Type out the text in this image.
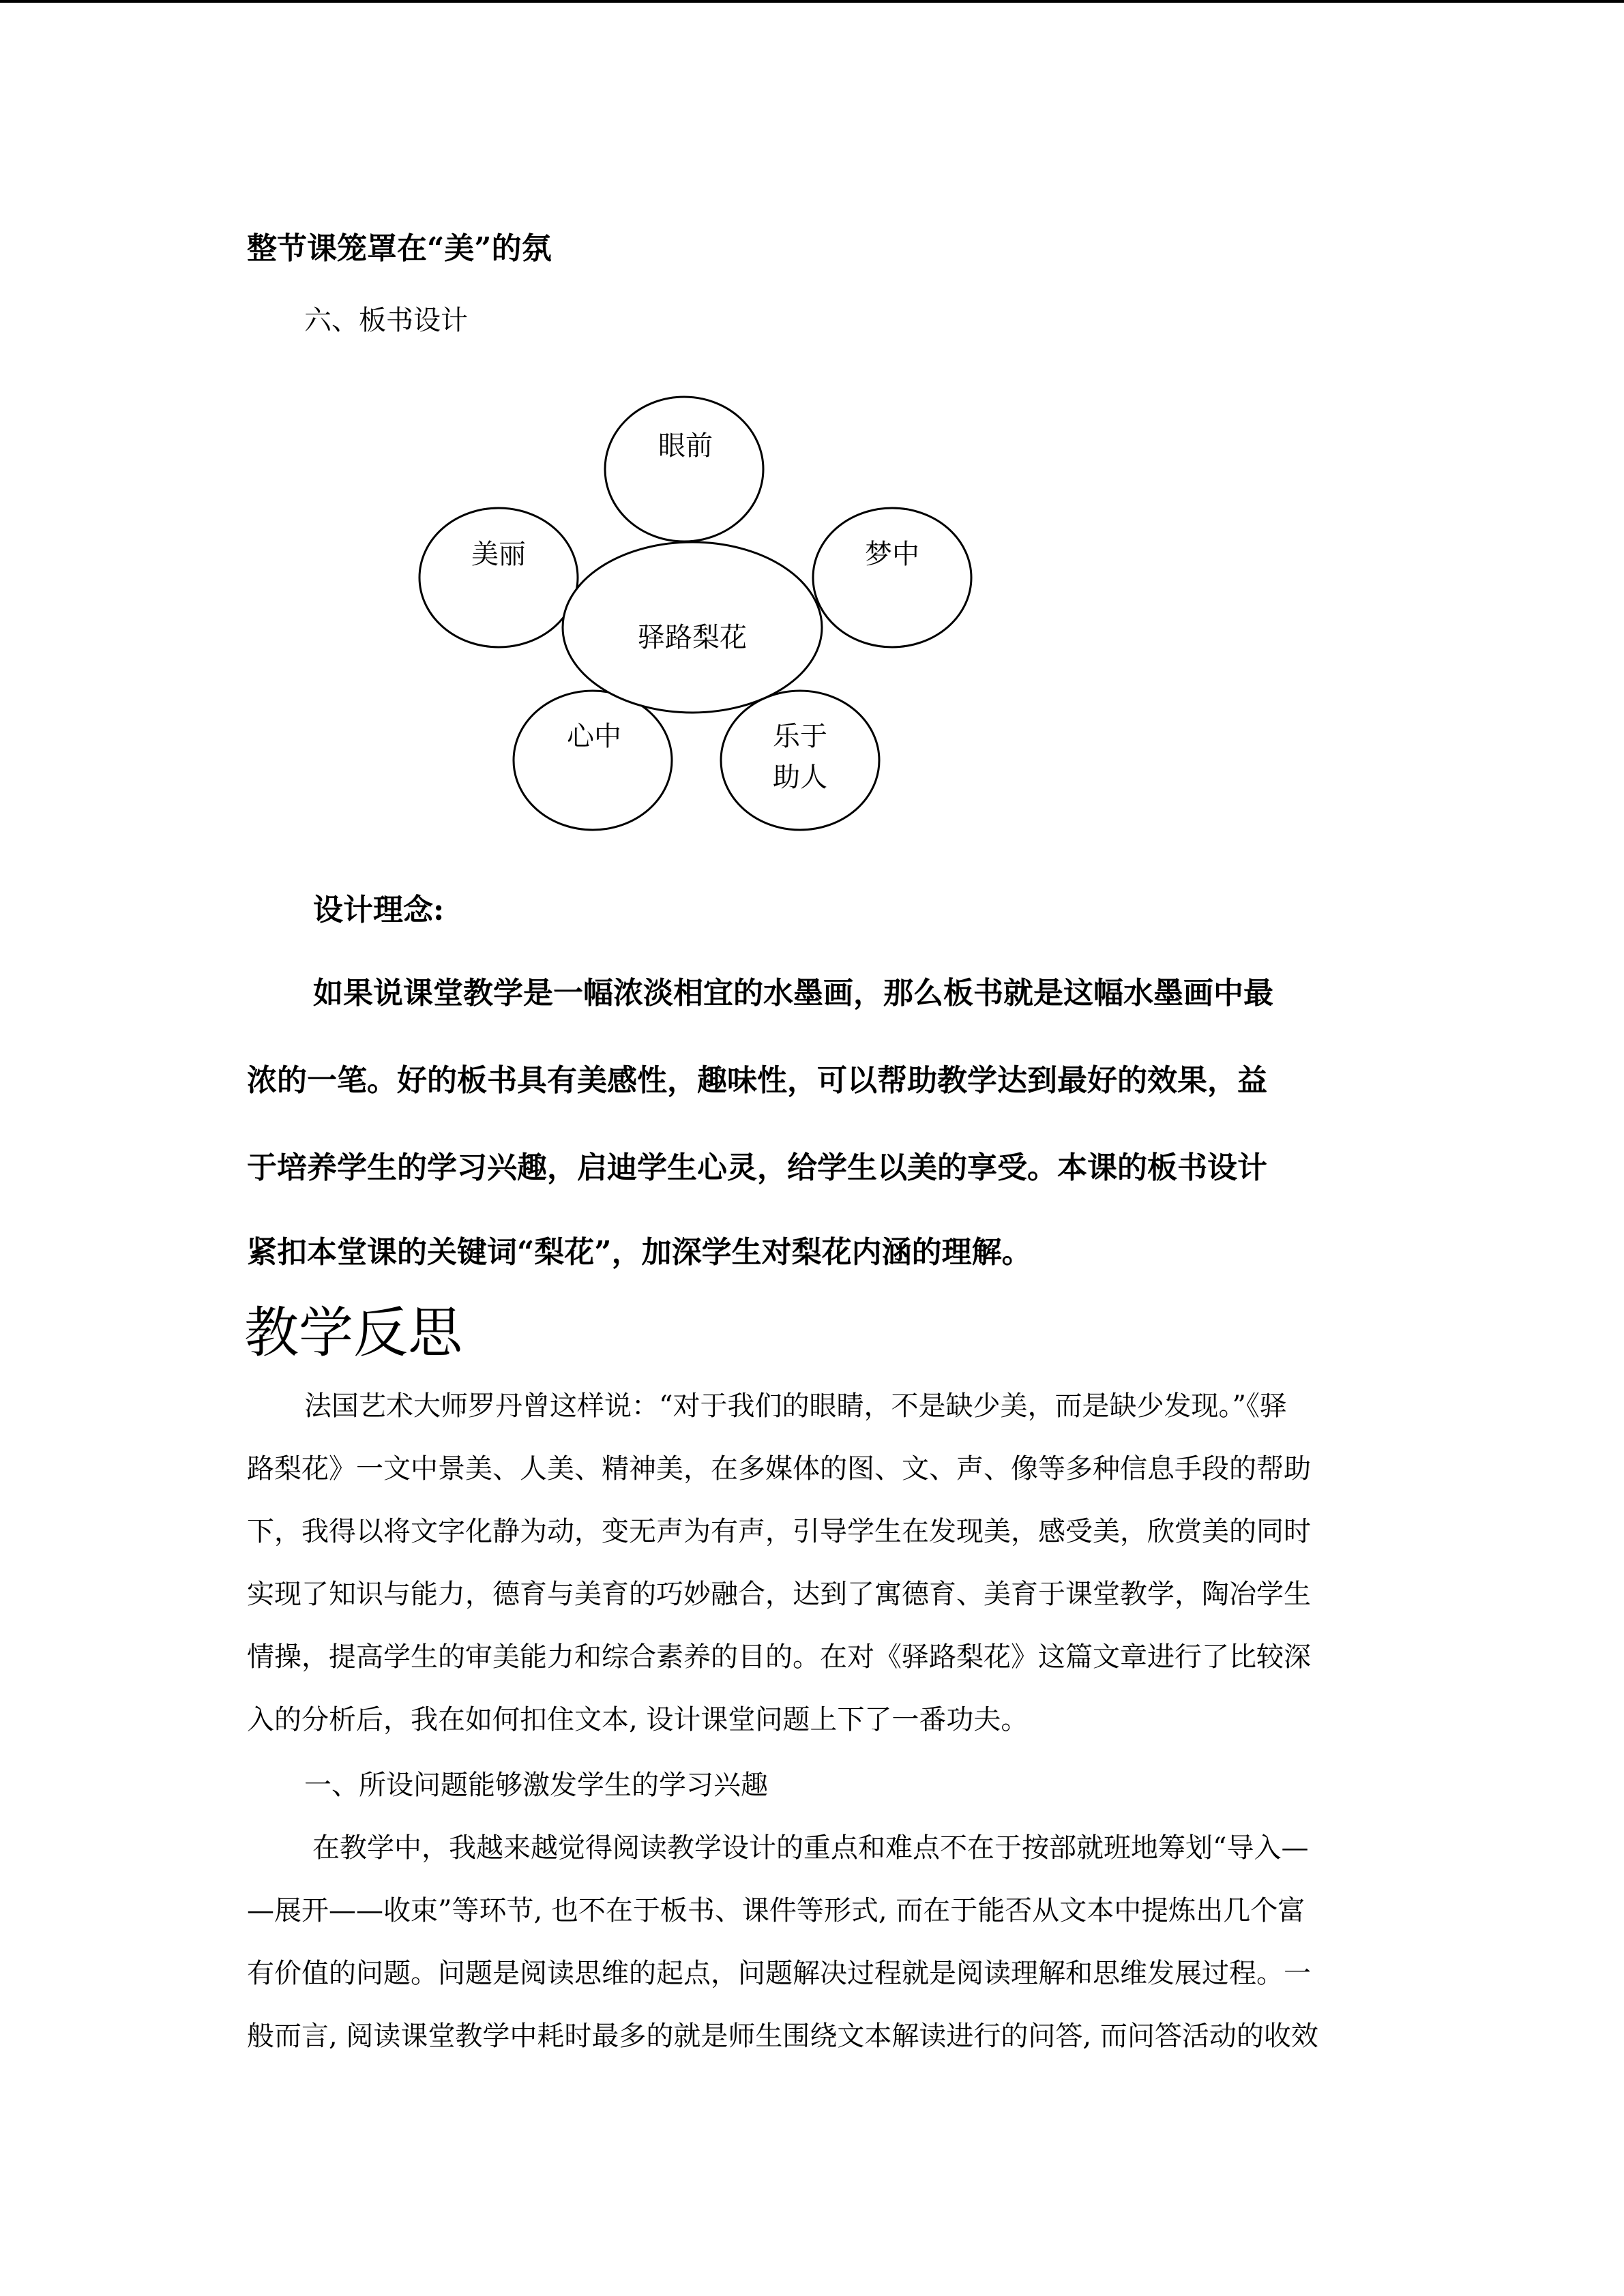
整节课笼罩在“美”的氛
六、板书设计
眼前
美丽	梦中
驿路梨花
心中	乐于
助人
设计理念:
如果说课堂教学是一幅浓淡相宜的水墨画，那么板书就是这幅水墨画中最
浓的一笔。好的板书具有美感性，趣味性，可以帮助教学达到最好的效果，益
于培养学生的学习兴趣，启迪学生心灵，给学生以美的享受。本课的板书设计
紧扣本堂课的关键词“梨花”，加深学生对梨花内涵的理解。
教学反思
法国艺术大师罗丹曾这样说：“对于我们的眼睛，不是缺少美，而是缺少发现。”《驿
路梨花》一文中景美、人美、精神美，在多媒体的图、文、声、像等多种信息手段的帮助
下，我得以将文字化静为动，变无声为有声，引导学生在发现美，感受美，欣赏美的同时
实现了知识与能力，德育与美育的巧妙融合，达到了寓德育、美育于课堂教学，陶冶学生
情操，提高学生的审美能力和综合素养的目的。在对《驿路梨花》这篇文章进行了比较深
入的分析后，我在如何扣住文本, 设计课堂问题上下了一番功夫。
一、所设问题能够激发学生的学习兴趣
在教学中，我越来越觉得阅读教学设计的重点和难点不在于按部就班地筹划“导入—
—展开——收束”等环节, 也不在于板书、课件等形式, 而在于能否从文本中提炼出几个富
有价值的问题。问题是阅读思维的起点，问题解决过程就是阅读理解和思维发展过程。一
般而言, 阅读课堂教学中耗时最多的就是师生围绕文本解读进行的问答, 而问答活动的收效
